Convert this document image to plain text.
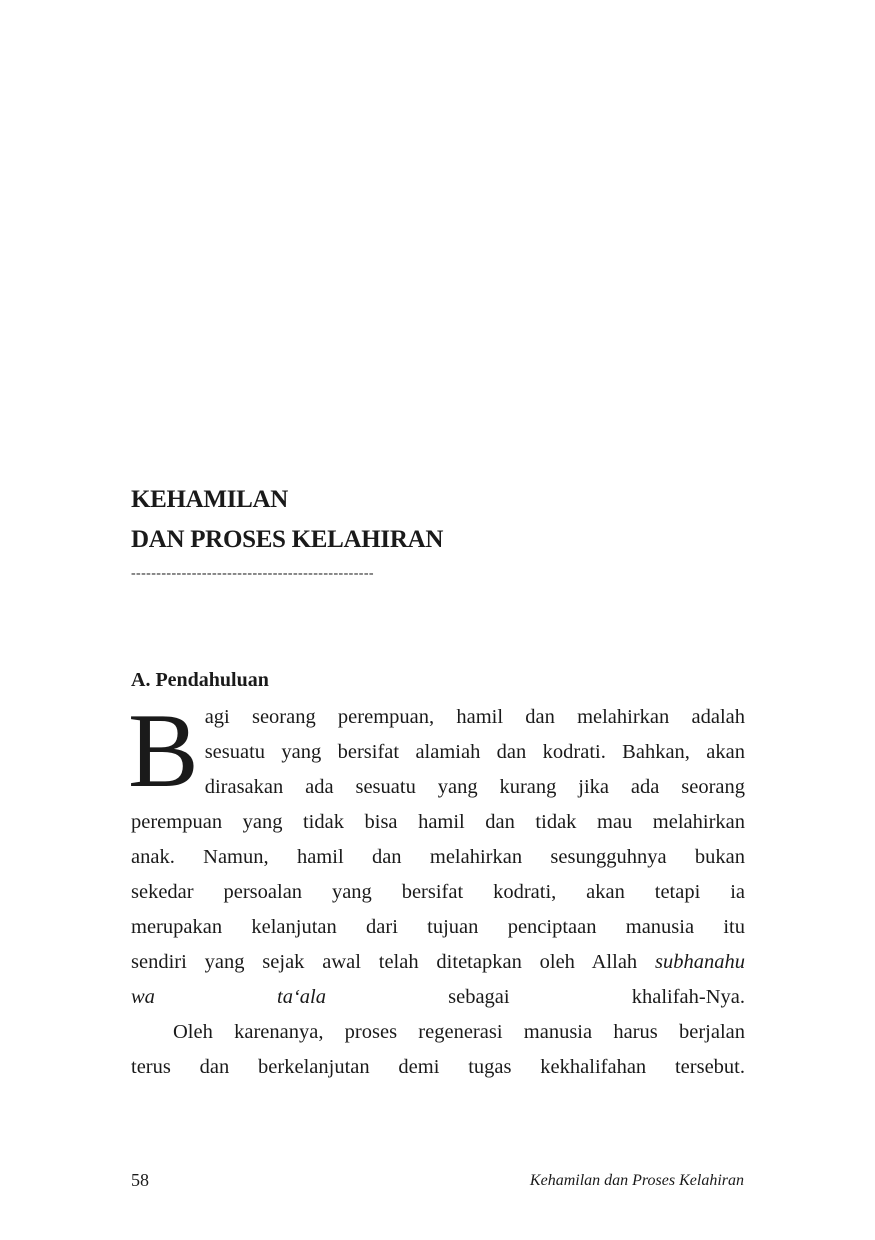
KEHAMILAN
DAN PROSES KELAHIRAN
------------------------------------------------
A. Pendahuluan

B agi seorang perempuan, hamil dan melahirkan adalah
sesuatu yang bersifat alamiah dan kodrati. Bahkan, akan
dirasakan ada sesuatu yang kurang jika ada seorang
perempuan yang tidak bisa hamil dan tidak mau melahirkan
anak. Namun, hamil dan melahirkan sesungguhnya bukan
sekedar persoalan yang bersifat kodrati, akan tetapi ia
merupakan kelanjutan dari tujuan penciptaan manusia itu
sendiri yang sejak awal telah ditetapkan oleh Allah subhanahu
wa ta‘ala sebagai khalifah-Nya.

Oleh karenanya, proses regenerasi manusia harus berjalan
terus dan berkelanjutan demi tugas kekhalifahan tersebut.

58	Kehamilan dan Proses Kelahiran
